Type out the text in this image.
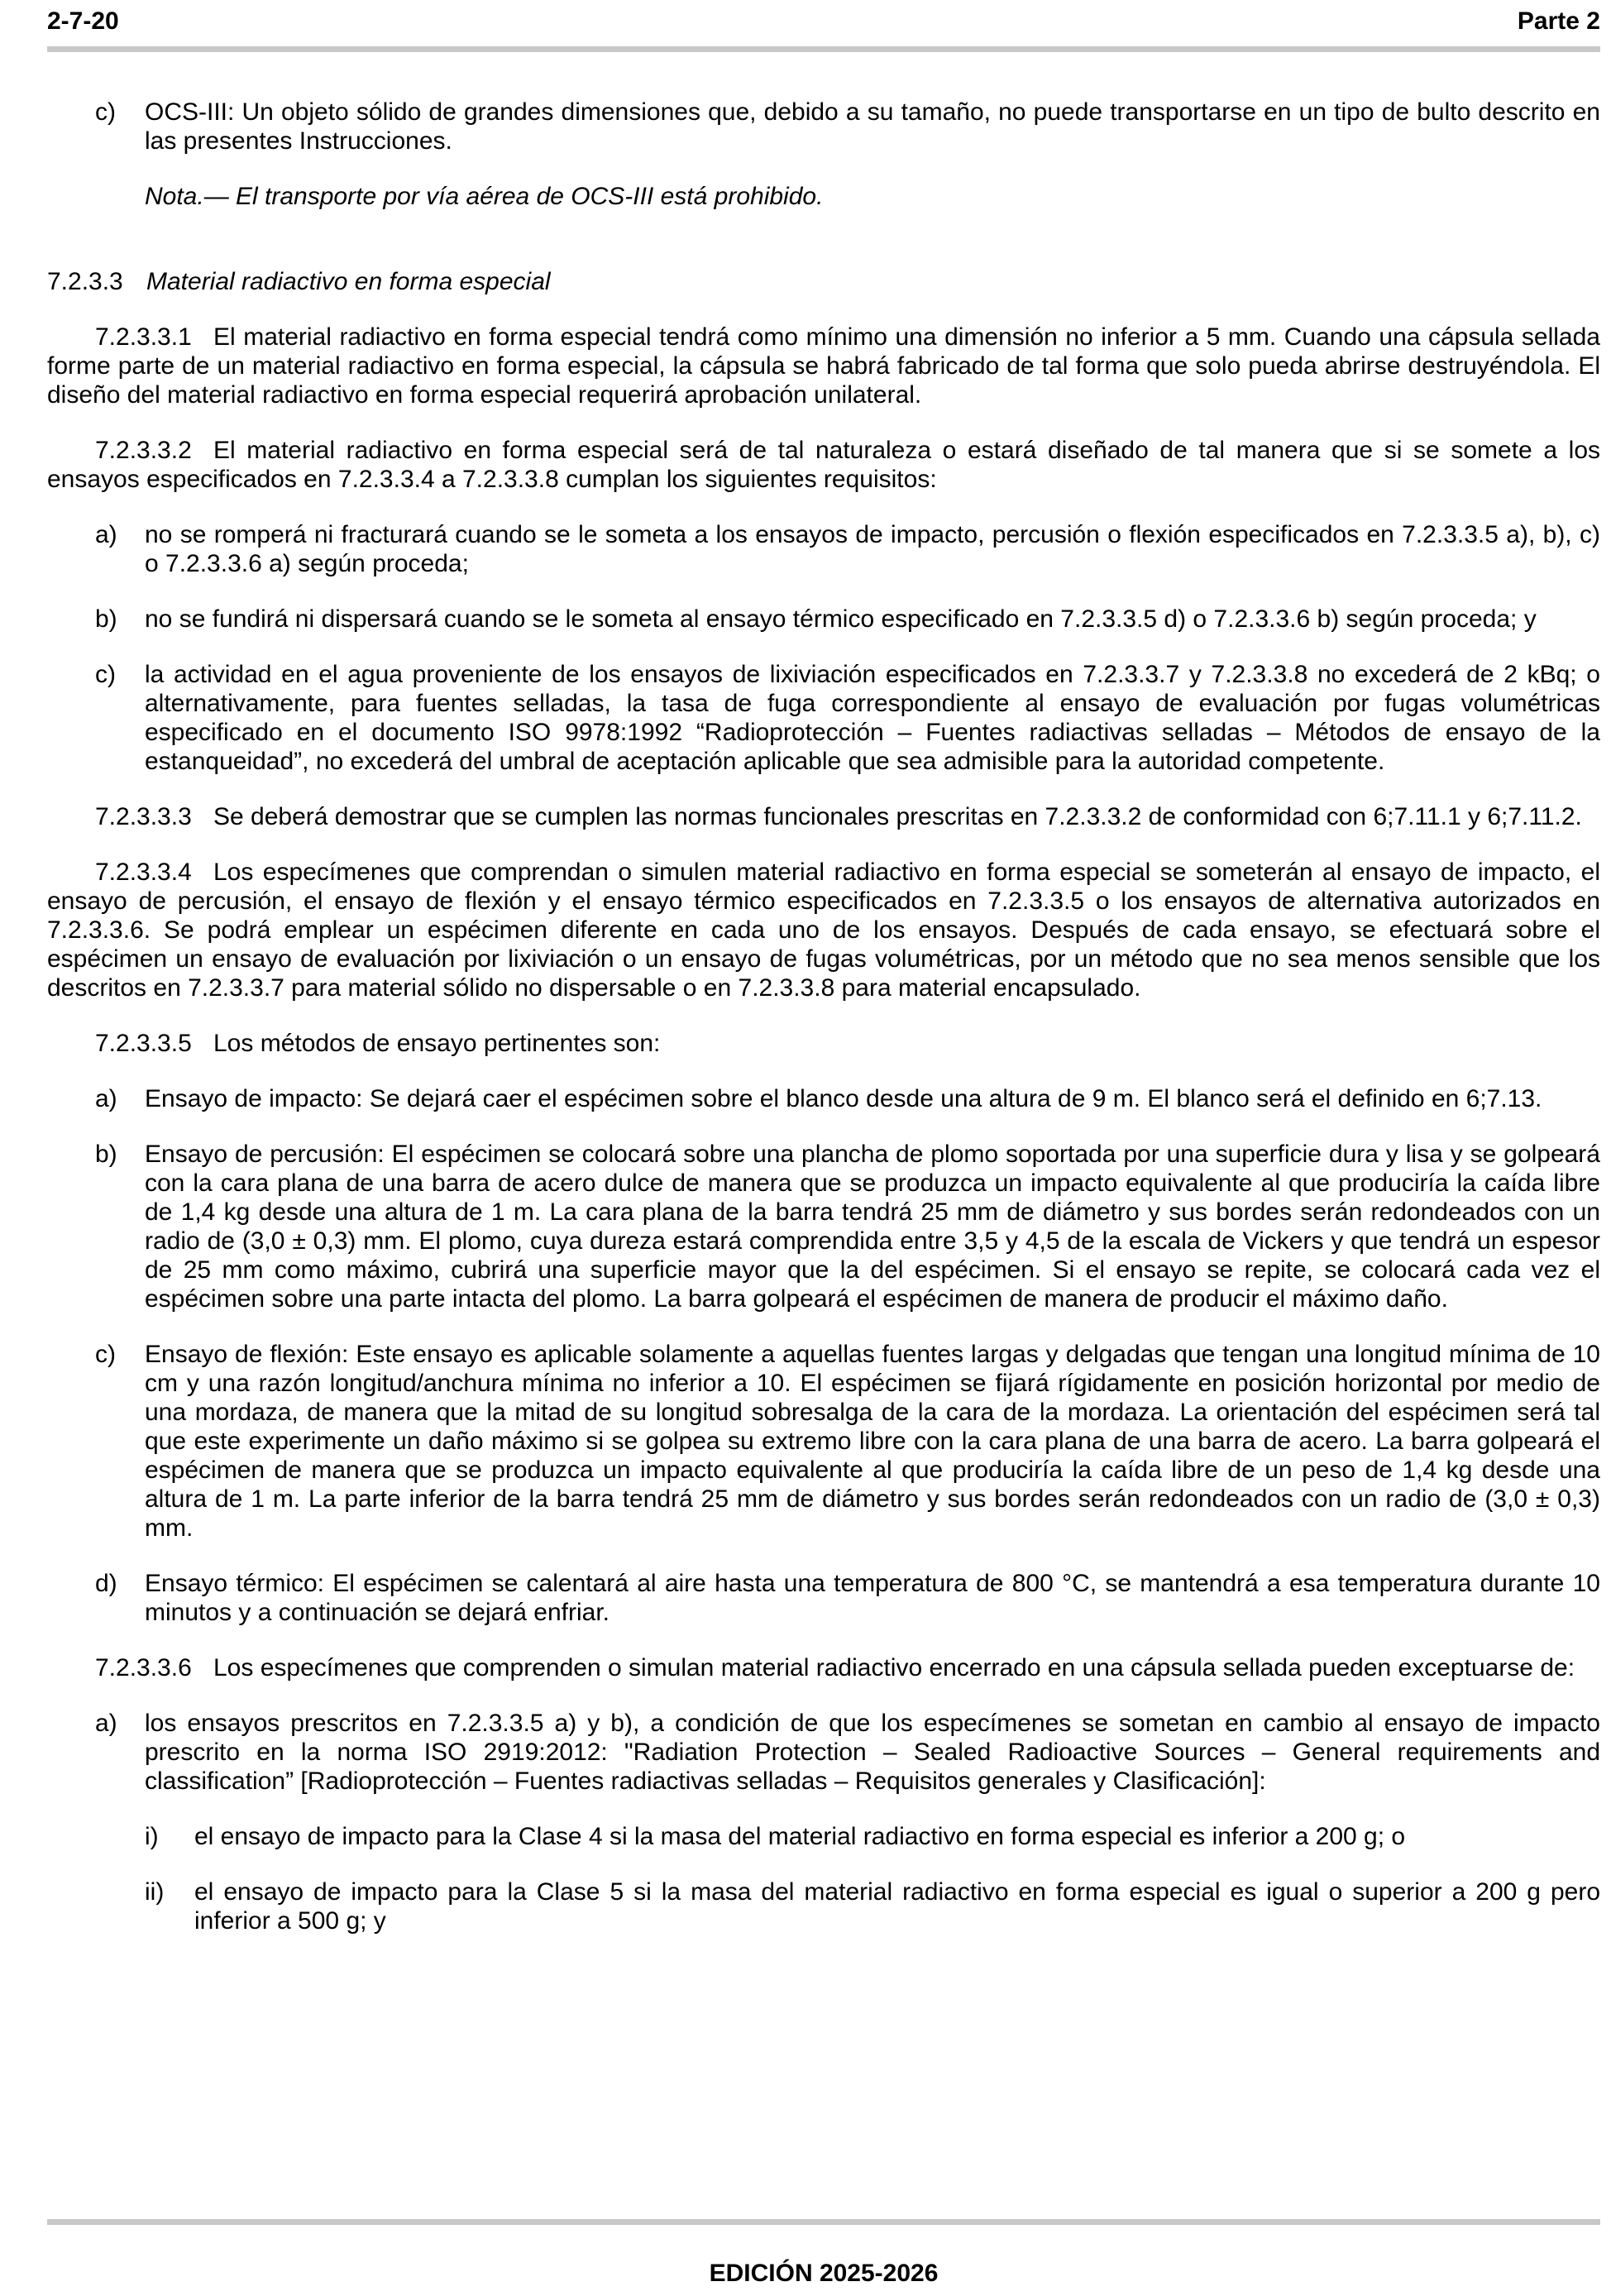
2-7-20	Parte 2
c) OCS-III: Un objeto sólido de grandes dimensiones que, debido a su tamaño, no puede transportarse en un tipo de bulto descrito en las presentes Instrucciones.
Nota.— El transporte por vía aérea de OCS-III está prohibido.
7.2.3.3 Material radiactivo en forma especial
7.2.3.3.1 El material radiactivo en forma especial tendrá como mínimo una dimensión no inferior a 5 mm. Cuando una cápsula sellada forme parte de un material radiactivo en forma especial, la cápsula se habrá fabricado de tal forma que solo pueda abrirse destruyéndola. El diseño del material radiactivo en forma especial requerirá aprobación unilateral.
7.2.3.3.2 El material radiactivo en forma especial será de tal naturaleza o estará diseñado de tal manera que si se somete a los ensayos especificados en 7.2.3.3.4 a 7.2.3.3.8 cumplan los siguientes requisitos:
a) no se romperá ni fracturará cuando se le someta a los ensayos de impacto, percusión o flexión especificados en 7.2.3.3.5 a), b), c) o 7.2.3.3.6 a) según proceda;
b) no se fundirá ni dispersará cuando se le someta al ensayo térmico especificado en 7.2.3.3.5 d) o 7.2.3.3.6 b) según proceda; y
c) la actividad en el agua proveniente de los ensayos de lixiviación especificados en 7.2.3.3.7 y 7.2.3.3.8 no excederá de 2 kBq; o alternativamente, para fuentes selladas, la tasa de fuga correspondiente al ensayo de evaluación por fugas volumétricas especificado en el documento ISO 9978:1992 “Radioprotección – Fuentes radiactivas selladas – Métodos de ensayo de la estanqueidad”, no excederá del umbral de aceptación aplicable que sea admisible para la autoridad competente.
7.2.3.3.3 Se deberá demostrar que se cumplen las normas funcionales prescritas en 7.2.3.3.2 de conformidad con 6;7.11.1 y 6;7.11.2.
7.2.3.3.4 Los especímenes que comprendan o simulen material radiactivo en forma especial se someterán al ensayo de impacto, el ensayo de percusión, el ensayo de flexión y el ensayo térmico especificados en 7.2.3.3.5 o los ensayos de alternativa autorizados en 7.2.3.3.6. Se podrá emplear un espécimen diferente en cada uno de los ensayos. Después de cada ensayo, se efectuará sobre el espécimen un ensayo de evaluación por lixiviación o un ensayo de fugas volumétricas, por un método que no sea menos sensible que los descritos en 7.2.3.3.7 para material sólido no dispersable o en 7.2.3.3.8 para material encapsulado.
7.2.3.3.5 Los métodos de ensayo pertinentes son:
a) Ensayo de impacto: Se dejará caer el espécimen sobre el blanco desde una altura de 9 m. El blanco será el definido en 6;7.13.
b) Ensayo de percusión: El espécimen se colocará sobre una plancha de plomo soportada por una superficie dura y lisa y se golpeará con la cara plana de una barra de acero dulce de manera que se produzca un impacto equivalente al que produciría la caída libre de 1,4 kg desde una altura de 1 m. La cara plana de la barra tendrá 25 mm de diámetro y sus bordes serán redondeados con un radio de (3,0 ± 0,3) mm. El plomo, cuya dureza estará comprendida entre 3,5 y 4,5 de la escala de Vickers y que tendrá un espesor de 25 mm como máximo, cubrirá una superficie mayor que la del espécimen. Si el ensayo se repite, se colocará cada vez el espécimen sobre una parte intacta del plomo. La barra golpeará el espécimen de manera de producir el máximo daño.
c) Ensayo de flexión: Este ensayo es aplicable solamente a aquellas fuentes largas y delgadas que tengan una longitud mínima de 10 cm y una razón longitud/anchura mínima no inferior a 10. El espécimen se fijará rígidamente en posición horizontal por medio de una mordaza, de manera que la mitad de su longitud sobresalga de la cara de la mordaza. La orientación del espécimen será tal que este experimente un daño máximo si se golpea su extremo libre con la cara plana de una barra de acero. La barra golpeará el espécimen de manera que se produzca un impacto equivalente al que produciría la caída libre de un peso de 1,4 kg desde una altura de 1 m. La parte inferior de la barra tendrá 25 mm de diámetro y sus bordes serán redondeados con un radio de (3,0 ± 0,3) mm.
d) Ensayo térmico: El espécimen se calentará al aire hasta una temperatura de 800 °C, se mantendrá a esa temperatura durante 10 minutos y a continuación se dejará enfriar.
7.2.3.3.6 Los especímenes que comprenden o simulan material radiactivo encerrado en una cápsula sellada pueden exceptuarse de:
a) los ensayos prescritos en 7.2.3.3.5 a) y b), a condición de que los especímenes se sometan en cambio al ensayo de impacto prescrito en la norma ISO 2919:2012: "Radiation Protection – Sealed Radioactive Sources – General requirements and classification” [Radioprotección – Fuentes radiactivas selladas – Requisitos generales y Clasificación]:
i) el ensayo de impacto para la Clase 4 si la masa del material radiactivo en forma especial es inferior a 200 g; o
ii) el ensayo de impacto para la Clase 5 si la masa del material radiactivo en forma especial es igual o superior a 200 g pero inferior a 500 g; y
EDICIÓN 2025-2026
